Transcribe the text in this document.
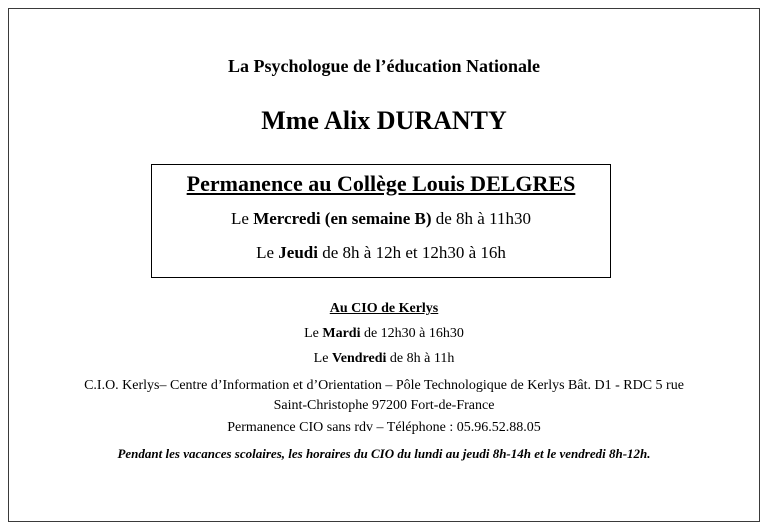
La Psychologue de l’éducation Nationale
Mme Alix DURANTY
Permanence au Collège Louis DELGRES
Le Mercredi (en semaine B) de 8h à 11h30
Le Jeudi de 8h à 12h et 12h30 à 16h
Au CIO de Kerlys
Le Mardi de 12h30 à 16h30
Le Vendredi de 8h à 11h
C.I.O. Kerlys– Centre d’Information et d’Orientation – Pôle Technologique de Kerlys Bât. D1 - RDC 5 rue
Saint-Christophe 97200 Fort-de-France
Permanence CIO sans rdv – Téléphone : 05.96.52.88.05
Pendant les vacances scolaires, les horaires du CIO du lundi au jeudi 8h-14h et le vendredi 8h-12h.
